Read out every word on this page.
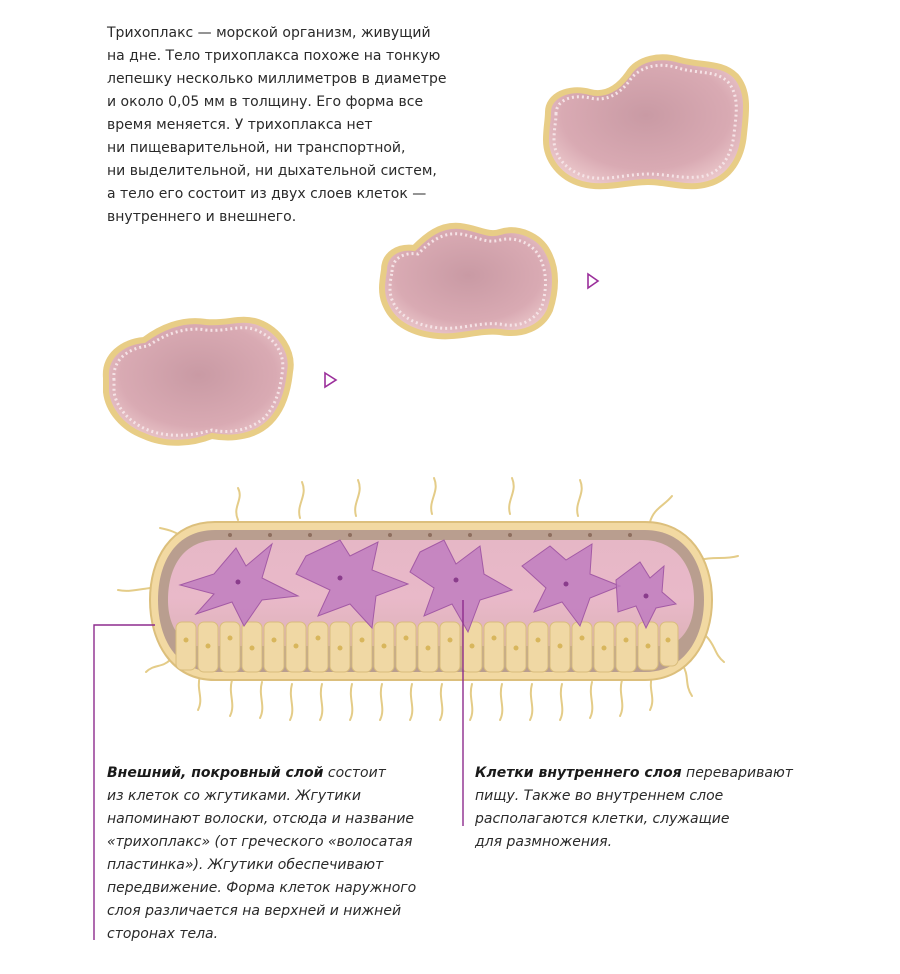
Трихоплакс — морской организм, живущий
на дне. Тело трихоплакса похоже на тонкую
лепешку несколько миллиметров в диаметре
и около 0,05 мм в толщину. Его форма все
время меняется. У трихоплакса нет
ни пищеварительной, ни транспортной,
ни выделительной, ни дыхательной систем,
а тело его состоит из двух слоев клеток —
внутреннего и внешнего.

Внешний, покровный слой состоит
из клеток со жгутиками. Жгутики
напоминают волоски, отсюда и название
«трихоплакс» (от греческого «волосатая
пластинка»). Жгутики обеспечивают
передвижение. Форма клеток наружного
слоя различается на верхней и нижней
сторонах тела.

Клетки внутреннего слоя переваривают
пищу. Также во внутреннем слое
располагаются клетки, служащие
для размножения.
